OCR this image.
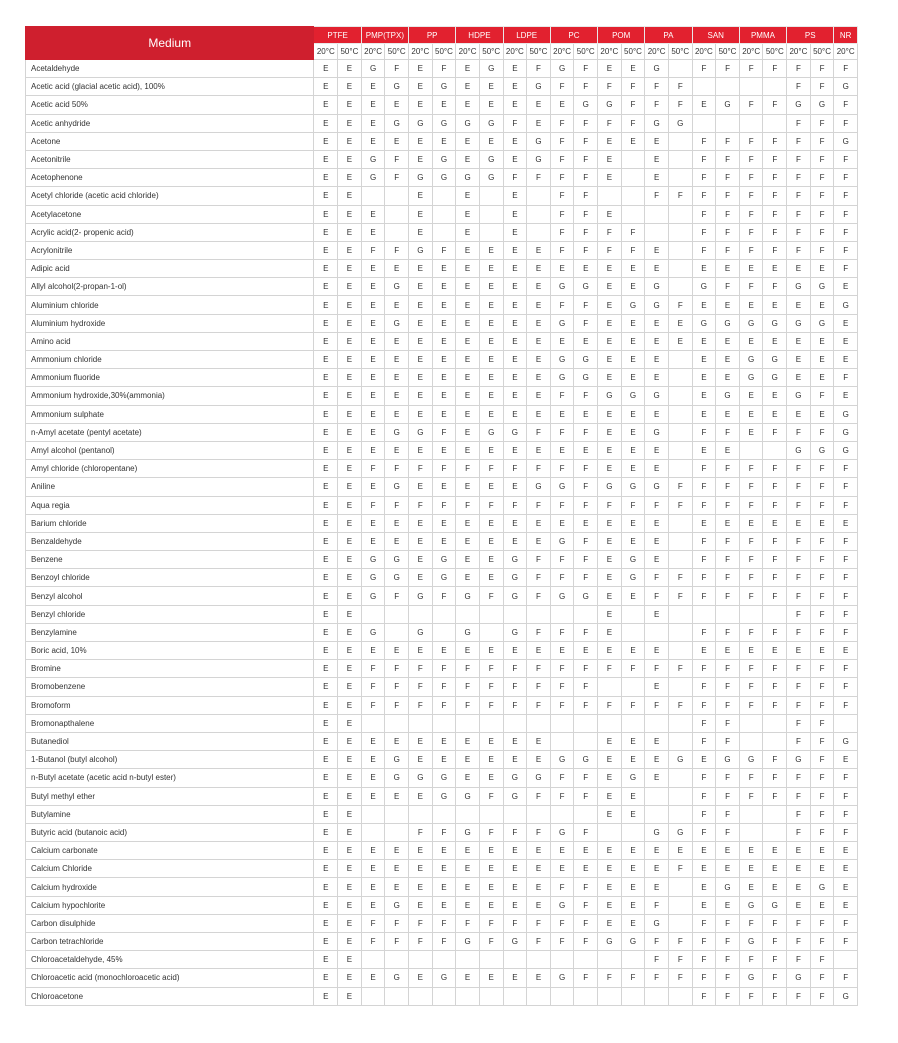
Medium	PTFE		PMP(TPX)		PP		HDPE		LDPE		PC		POM		PA		SAN		PMMA		PS		NR
	20°C	50°C	20°C	50°C	20°C	50°C	20°C	50°C	20°C	50°C	20°C	50°C	20°C	50°C	20°C	50°C	20°C	50°C	20°C	50°C	20°C	50°C	20°C
Acetaldehyde	E	E	G	F	E	F	E	G	E	F	G	F	E	E	G		F	F	F	F	F	F	F
Acetic acid (glacial acetic acid), 100%	E	E	E	G	E	G	E	E	E	G	F	F	F	F	F	F					F	F	G
Acetic acid 50%	E	E	E	E	E	E	E	E	E	E	E	G	G	F	F	F	E	G	F	F	G	G	F
Acetic anhydride	E	E	E	G	G	G	G	G	F	E	F	F	F	F	G	G					F	F	F
Acetone	E	E	E	E	E	E	E	E	E	G	F	F	E	E	E		F	F	F	F	F	F	G
Acetonitrile	E	E	G	F	E	G	E	G	E	G	F	F	E		E		F	F	F	F	F	F	F
Acetophenone	E	E	G	F	G	G	G	G	F	F	F	F	E		E		F	F	F	F	F	F	F
Acetyl chloride (acetic acid chloride)	E	E			E		E		E		F	F			F	F	F	F	F	F	F	F	F
Acetylacetone	E	E	E		E		E		E		F	F	E				F	F	F	F	F	F	F
Acrylic acid(2- propenic acid)	E	E	E		E		E		E		F	F	F	F			F	F	F	F	F	F	F
Acrylonitrile	E	E	F	F	G	F	E	E	E	E	F	F	F	F	E		F	F	F	F	F	F	F
Adipic acid	E	E	E	E	E	E	E	E	E	E	E	E	E	E	E		E	E	E	E	E	E	F
Allyl alcohol(2-propan-1-ol)	E	E	E	G	E	E	E	E	E	E	G	G	E	E	G		G	F	F	F	G	G	E
Aluminium chloride	E	E	E	E	E	E	E	E	E	E	F	F	E	G	G	F	E	E	E	E	E	E	G
Aluminium hydroxide	E	E	E	G	E	E	E	E	E	E	G	F	E	E	E	E	G	G	G	G	G	G	E
Amino acid	E	E	E	E	E	E	E	E	E	E	E	E	E	E	E	E	E	E	E	E	E	E	E
Ammonium chloride	E	E	E	E	E	E	E	E	E	E	G	G	E	E	E		E	E	G	G	E	E	E
Ammonium fluoride	E	E	E	E	E	E	E	E	E	E	G	G	E	E	E		E	E	G	G	E	E	F
Ammonium hydroxide,30%(ammonia)	E	E	E	E	E	E	E	E	E	E	F	F	G	G	G		E	G	E	E	G	F	E
Ammonium sulphate	E	E	E	E	E	E	E	E	E	E	E	E	E	E	E		E	E	E	E	E	E	G
n-Amyl acetate (pentyl acetate)	E	E	E	G	G	F	E	G	G	F	F	F	E	E	G		F	F	E	F	F	F	G
Amyl alcohol (pentanol)	E	E	E	E	E	E	E	E	E	E	E	E	E	E	E		E	E			G	G	G
Amyl chloride (chloropentane)	E	E	F	F	F	F	F	F	F	F	F	F	E	E	E		F	F	F	F	F	F	F
Aniline	E	E	E	G	E	E	E	E	E	G	G	F	G	G	G	F	F	F	F	F	F	F	F
Aqua regia	E	E	F	F	F	F	F	F	F	F	F	F	F	F	F	F	F	F	F	F	F	F	F
Barium chloride	E	E	E	E	E	E	E	E	E	E	E	E	E	E	E		E	E	E	E	E	E	E
Benzaldehyde	E	E	E	E	E	E	E	E	E	E	G	F	E	E	E		F	F	F	F	F	F	F
Benzene	E	E	G	G	E	G	E	E	G	F	F	F	E	G	E		F	F	F	F	F	F	F
Benzoyl chloride	E	E	G	G	E	G	E	E	G	F	F	F	E	G	F	F	F	F	F	F	F	F	F
Benzyl alcohol	E	E	G	F	G	F	G	F	G	F	G	G	E	E	F	F	F	F	F	F	F	F	F
Benzyl chloride	E	E											E		E						F	F	F
Benzylamine	E	E	G		G		G		G	F	F	F	E				F	F	F	F	F	F	F
Boric acid, 10%	E	E	E	E	E	E	E	E	E	E	E	E	E	E	E		E	E	E	E	E	E	E
Bromine	E	E	F	F	F	F	F	F	F	F	F	F	F	F	F	F	F	F	F	F	F	F	F
Bromobenzene	E	E	F	F	F	F	F	F	F	F	F	F			E		F	F	F	F	F	F	F
Bromoform	E	E	F	F	F	F	F	F	F	F	F	F	F	F	F	F	F	F	F	F	F	F	F
Bromonapthalene	E	E															F	F			F	F	
Butanediol	E	E	E	E	E	E	E	E	E	E			E	E	E		F	F			F	F	G
1-Butanol (butyl alcohol)	E	E	E	G	E	E	E	E	E	E	G	G	E	E	E	G	E	G	G	F	G	F	E
n-Butyl acetate (acetic acid n-butyl ester)	E	E	E	G	G	G	E	E	G	G	F	F	E	G	E		F	F	F	F	F	F	F
Butyl methyl ether	E	E	E	E	E	G	G	F	G	F	F	F	E	E			F	F	F	F	F	F	F
Butylamine	E	E											E	E			F	F			F	F	F
Butyric acid (butanoic acid)	E	E			F	F	G	F	F	F	G	F			G	G	F	F			F	F	F
Calcium carbonate	E	E	E	E	E	E	E	E	E	E	E	E	E	E	E	E	E	E	E	E	E	E	E
Calcium Chloride	E	E	E	E	E	E	E	E	E	E	E	E	E	E	E	F	E	E	E	E	E	E	E
Calcium hydroxide	E	E	E	E	E	E	E	E	E	E	F	F	E	E	E		E	G	E	E	E	G	E
Calcium hypochlorite	E	E	E	G	E	E	E	E	E	E	G	F	E	E	F		E	E	G	G	E	E	E
Carbon disulphide	E	E	F	F	F	F	F	F	F	F	F	F	E	E	G		F	F	F	F	F	F	F
Carbon tetrachloride	E	E	F	F	F	F	G	F	G	F	F	F	G	G	F	F	F	F	G	F	F	F	F
Chloroacetaldehyde, 45%	E	E													F	F	F	F	F	F	F	F	
Chloroacetic acid (monochloroacetic acid)	E	E	E	G	E	G	E	E	E	E	G	F	F	F	F	F	F	F	G	F	G	F	F
Chloroacetone	E	E															F	F	F	F	F	F	G
